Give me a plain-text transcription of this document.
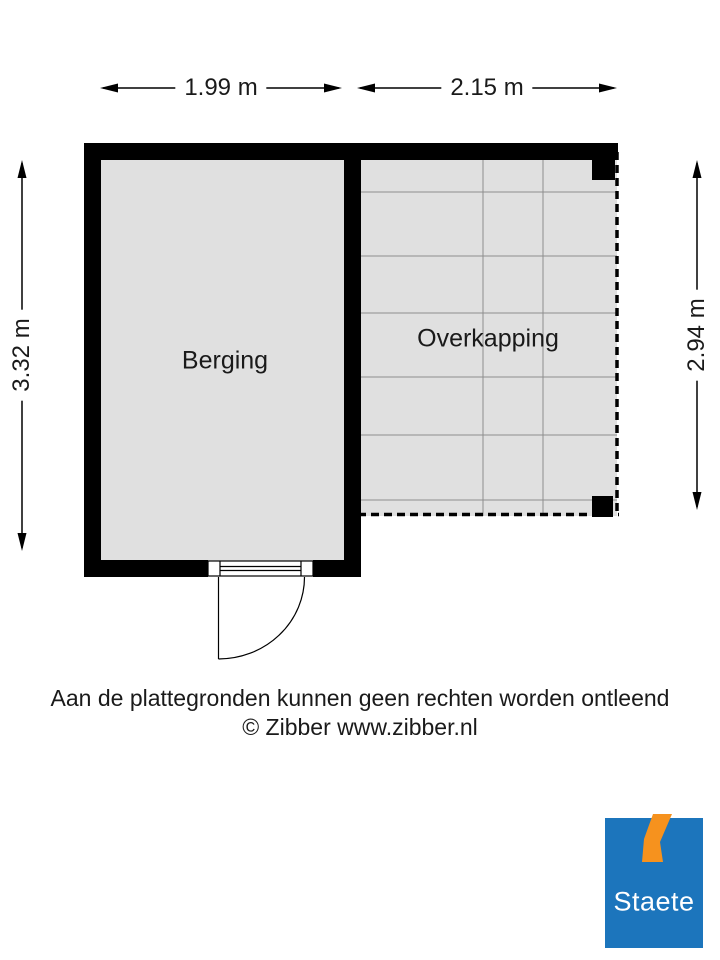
1.99 m	2.15 m
3.32 m	2.94 m
Berging
Overkapping
Aan de plattegronden kunnen geen rechten worden ontleend
© Zibber www.zibber.nl
Staete
